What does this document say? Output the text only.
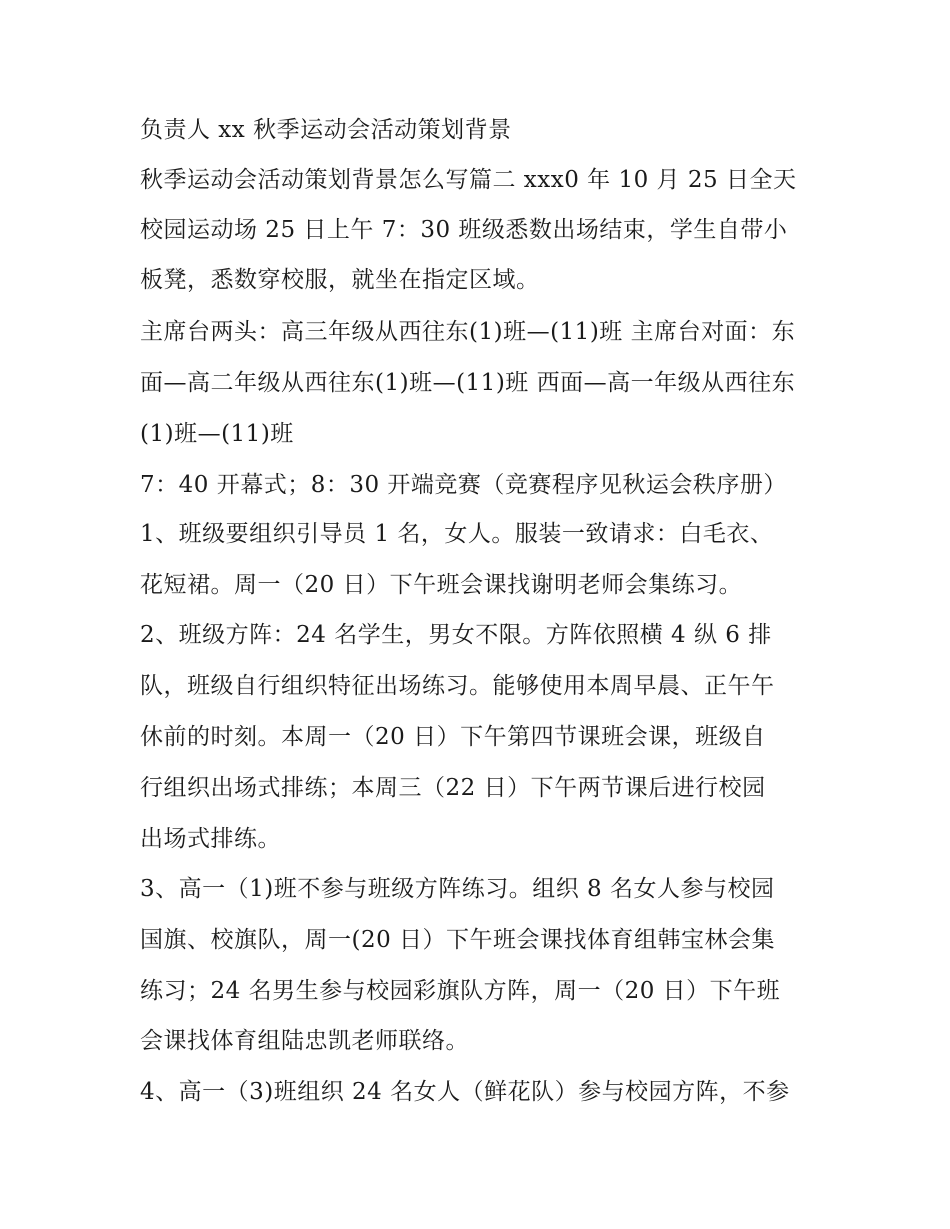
负责人 xx 秋季运动会活动策划背景
秋季运动会活动策划背景怎么写篇二 xxx0 年 10 月 25 日全天
校园运动场 25 日上午 7：30 班级悉数出场结束，学生自带小
板凳，悉数穿校服，就坐在指定区域。
主席台两头：高三年级从西往东(1)班—(11)班 主席台对面：东
面—高二年级从西往东(1)班—(11)班 西面—高一年级从西往东
(1)班—(11)班
7：40 开幕式；8：30 开端竞赛（竞赛程序见秋运会秩序册）
1、班级要组织引导员 1 名，女人。服装一致请求：白毛衣、
花短裙。周一（20 日）下午班会课找谢明老师会集练习。
2、班级方阵：24 名学生，男女不限。方阵依照横 4 纵 6 排
队，班级自行组织特征出场练习。能够使用本周早晨、正午午
休前的时刻。本周一（20 日）下午第四节课班会课，班级自
行组织出场式排练；本周三（22 日）下午两节课后进行校园
出场式排练。
3、高一（1)班不参与班级方阵练习。组织 8 名女人参与校园
国旗、校旗队，周一(20 日）下午班会课找体育组韩宝林会集
练习；24 名男生参与校园彩旗队方阵，周一（20 日）下午班
会课找体育组陆忠凯老师联络。
4、高一（3)班组织 24 名女人（鲜花队）参与校园方阵，不参
